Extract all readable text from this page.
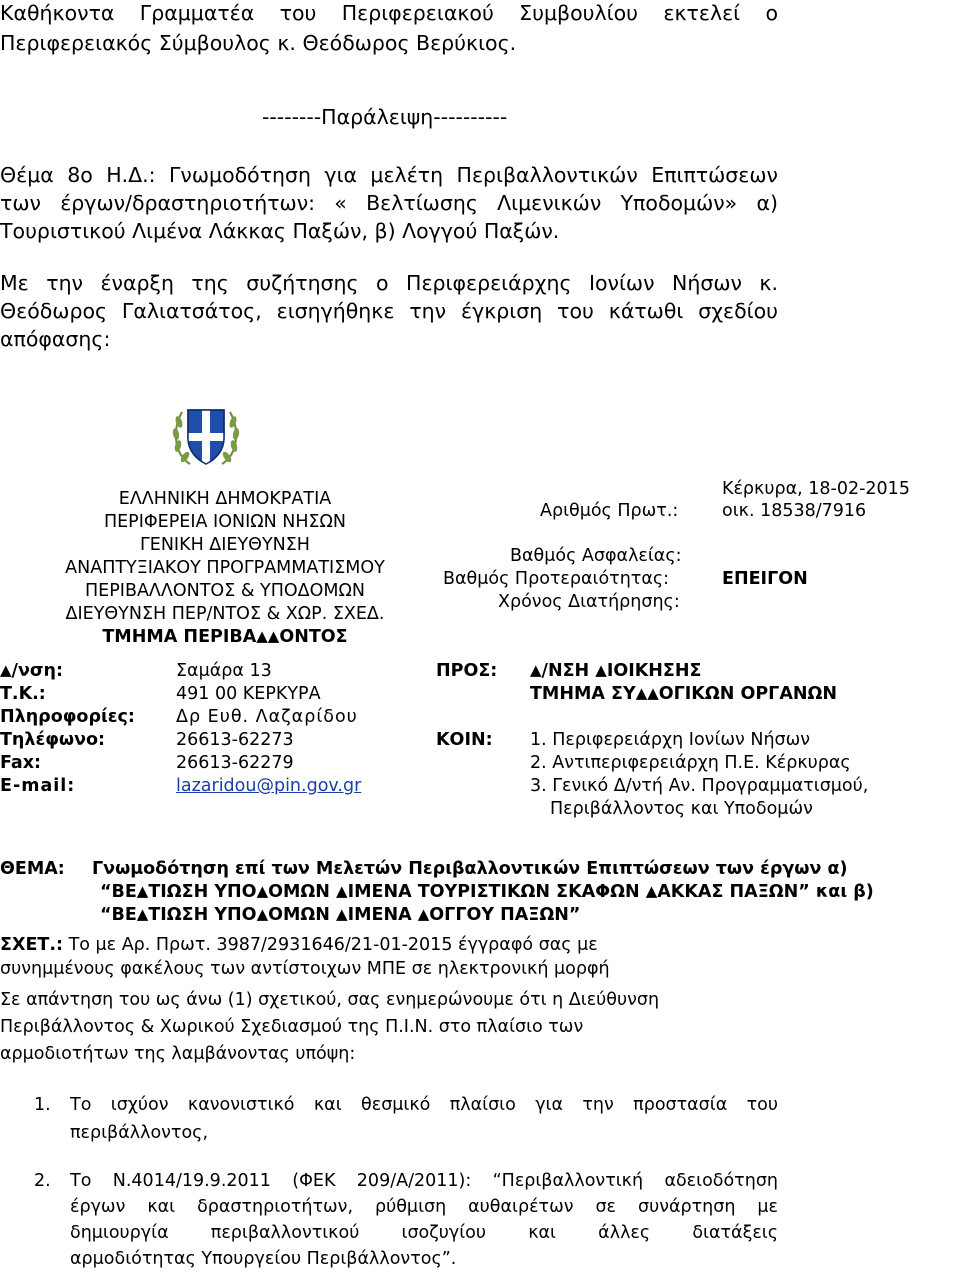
Καθήκοντα Γραμματέα του Περιφερειακού Συμβουλίου εκτελεί ο
Περιφερειακός Σύμβουλος κ. Θεόδωρος Βερύκιος.
--------Παράλειψη----------
Θέμα 8ο Η.Δ.: Γνωμοδότηση για μελέτη Περιβαλλοντικών Επιπτώσεων
των έργων/δραστηριοτήτων: « Βελτίωσης Λιμενικών Υποδομών» α)
Τουριστικού Λιμένα Λάκκας Παξών, β) Λογγού Παξών.
Με την έναρξη της συζήτησης ο Περιφερειάρχης Ιονίων Νήσων κ.
Θεόδωρος Γαλιατσάτος, εισηγήθηκε την έγκριση του κάτωθι σχεδίου
απόφασης:
ΕΛΛΗΝΙΚΗ ΔΗΜΟΚΡΑΤΙΑ
ΠΕΡΙΦΕΡΕΙΑ ΙΟΝΙΩΝ ΝΗΣΩΝ
ΓΕΝΙΚΗ ΔΙΕΥΘΥΝΣΗ
ΑΝΑΠΤΥΞΙΑΚΟΥ ΠΡΟΓΡΑΜΜΑΤΙΣΜΟΥ
ΠΕΡΙΒΑΛΛΟΝΤΟΣ & ΥΠΟΔΟΜΩΝ
ΔΙΕΥΘΥΝΣΗ ΠΕΡ/ΝΤΟΣ & ΧΩΡ. ΣΧΕΔ.
ΤΜΗΜΑ ΠΕΡΙΒΑ▲▲ΟΝΤΟΣ
Κέρκυρα, 18-02-2015
Αριθμός Πρωτ.: οικ. 18538/7916
Βαθμός Ασφαλείας:
Βαθμός Προτεραιότητας:	ΕΠΕΙΓΟΝ
Χρόνος Διατήρησης:
▲/νση:	Σαμάρα 13
Τ.Κ.:	491 00 ΚΕΡΚΥΡΑ
Πληροφορίες: Δρ Ευθ. Λαζαρίδου
Τηλέφωνο:	26613-62273
Fax:	26613-62279
E-mail:	lazaridou@pin.gov.gr
ΠΡΟΣ: ▲/ΝΣΗ ▲ΙΟΙΚΗΣΗΣ
ΤΜΗΜΑ ΣΥ▲▲ΟΓΙΚΩΝ ΟΡΓΑΝΩΝ
ΚΟΙΝ: 1. Περιφερειάρχη Ιονίων Νήσων
2. Αντιπεριφερειάρχη Π.Ε. Κέρκυρας
3. Γενικό Δ/ντή Αν. Προγραμματισμού,
Περιβάλλοντος και Υποδομών
ΘΕΜΑ: Γνωμοδότηση επί των Μελετών Περιβαλλοντικών Επιπτώσεων των έργων α)
“ΒΕ▲ΤΙΩΣΗ ΥΠΟ▲ΟΜΩΝ ▲ΙΜΕΝΑ ΤΟΥΡΙΣΤΙΚΩΝ ΣΚΑΦΩΝ ▲ΑΚΚΑΣ ΠΑΞΩΝ” και β)
“ΒΕ▲ΤΙΩΣΗ ΥΠΟ▲ΟΜΩΝ ▲ΙΜΕΝΑ ▲ΟΓΓΟΥ ΠΑΞΩΝ”
ΣΧΕΤ.: Το με Αρ. Πρωτ. 3987/2931646/21-01-2015 έγγραφό σας με
συνημμένους φακέλους των αντίστοιχων ΜΠΕ σε ηλεκτρονική μορφή
Σε απάντηση του ως άνω (1) σχετικού, σας ενημερώνουμε ότι η Διεύθυνση
Περιβάλλοντος & Χωρικού Σχεδιασμού της Π.Ι.Ν. στο πλαίσιο των
αρμοδιοτήτων της λαμβάνοντας υπόψη:
1. Το ισχύον κανονιστικό και θεσμικό πλαίσιο για την προστασία του
περιβάλλοντος,
2. Το Ν.4014/19.9.2011 (ΦΕΚ 209/Α/2011): “Περιβαλλοντική αδειοδότηση
έργων και δραστηριοτήτων, ρύθμιση αυθαιρέτων σε συνάρτηση με
δημιουργία περιβαλλοντικού ισοζυγίου και άλλες διατάξεις
αρμοδιότητας Υπουργείου Περιβάλλοντος”.
